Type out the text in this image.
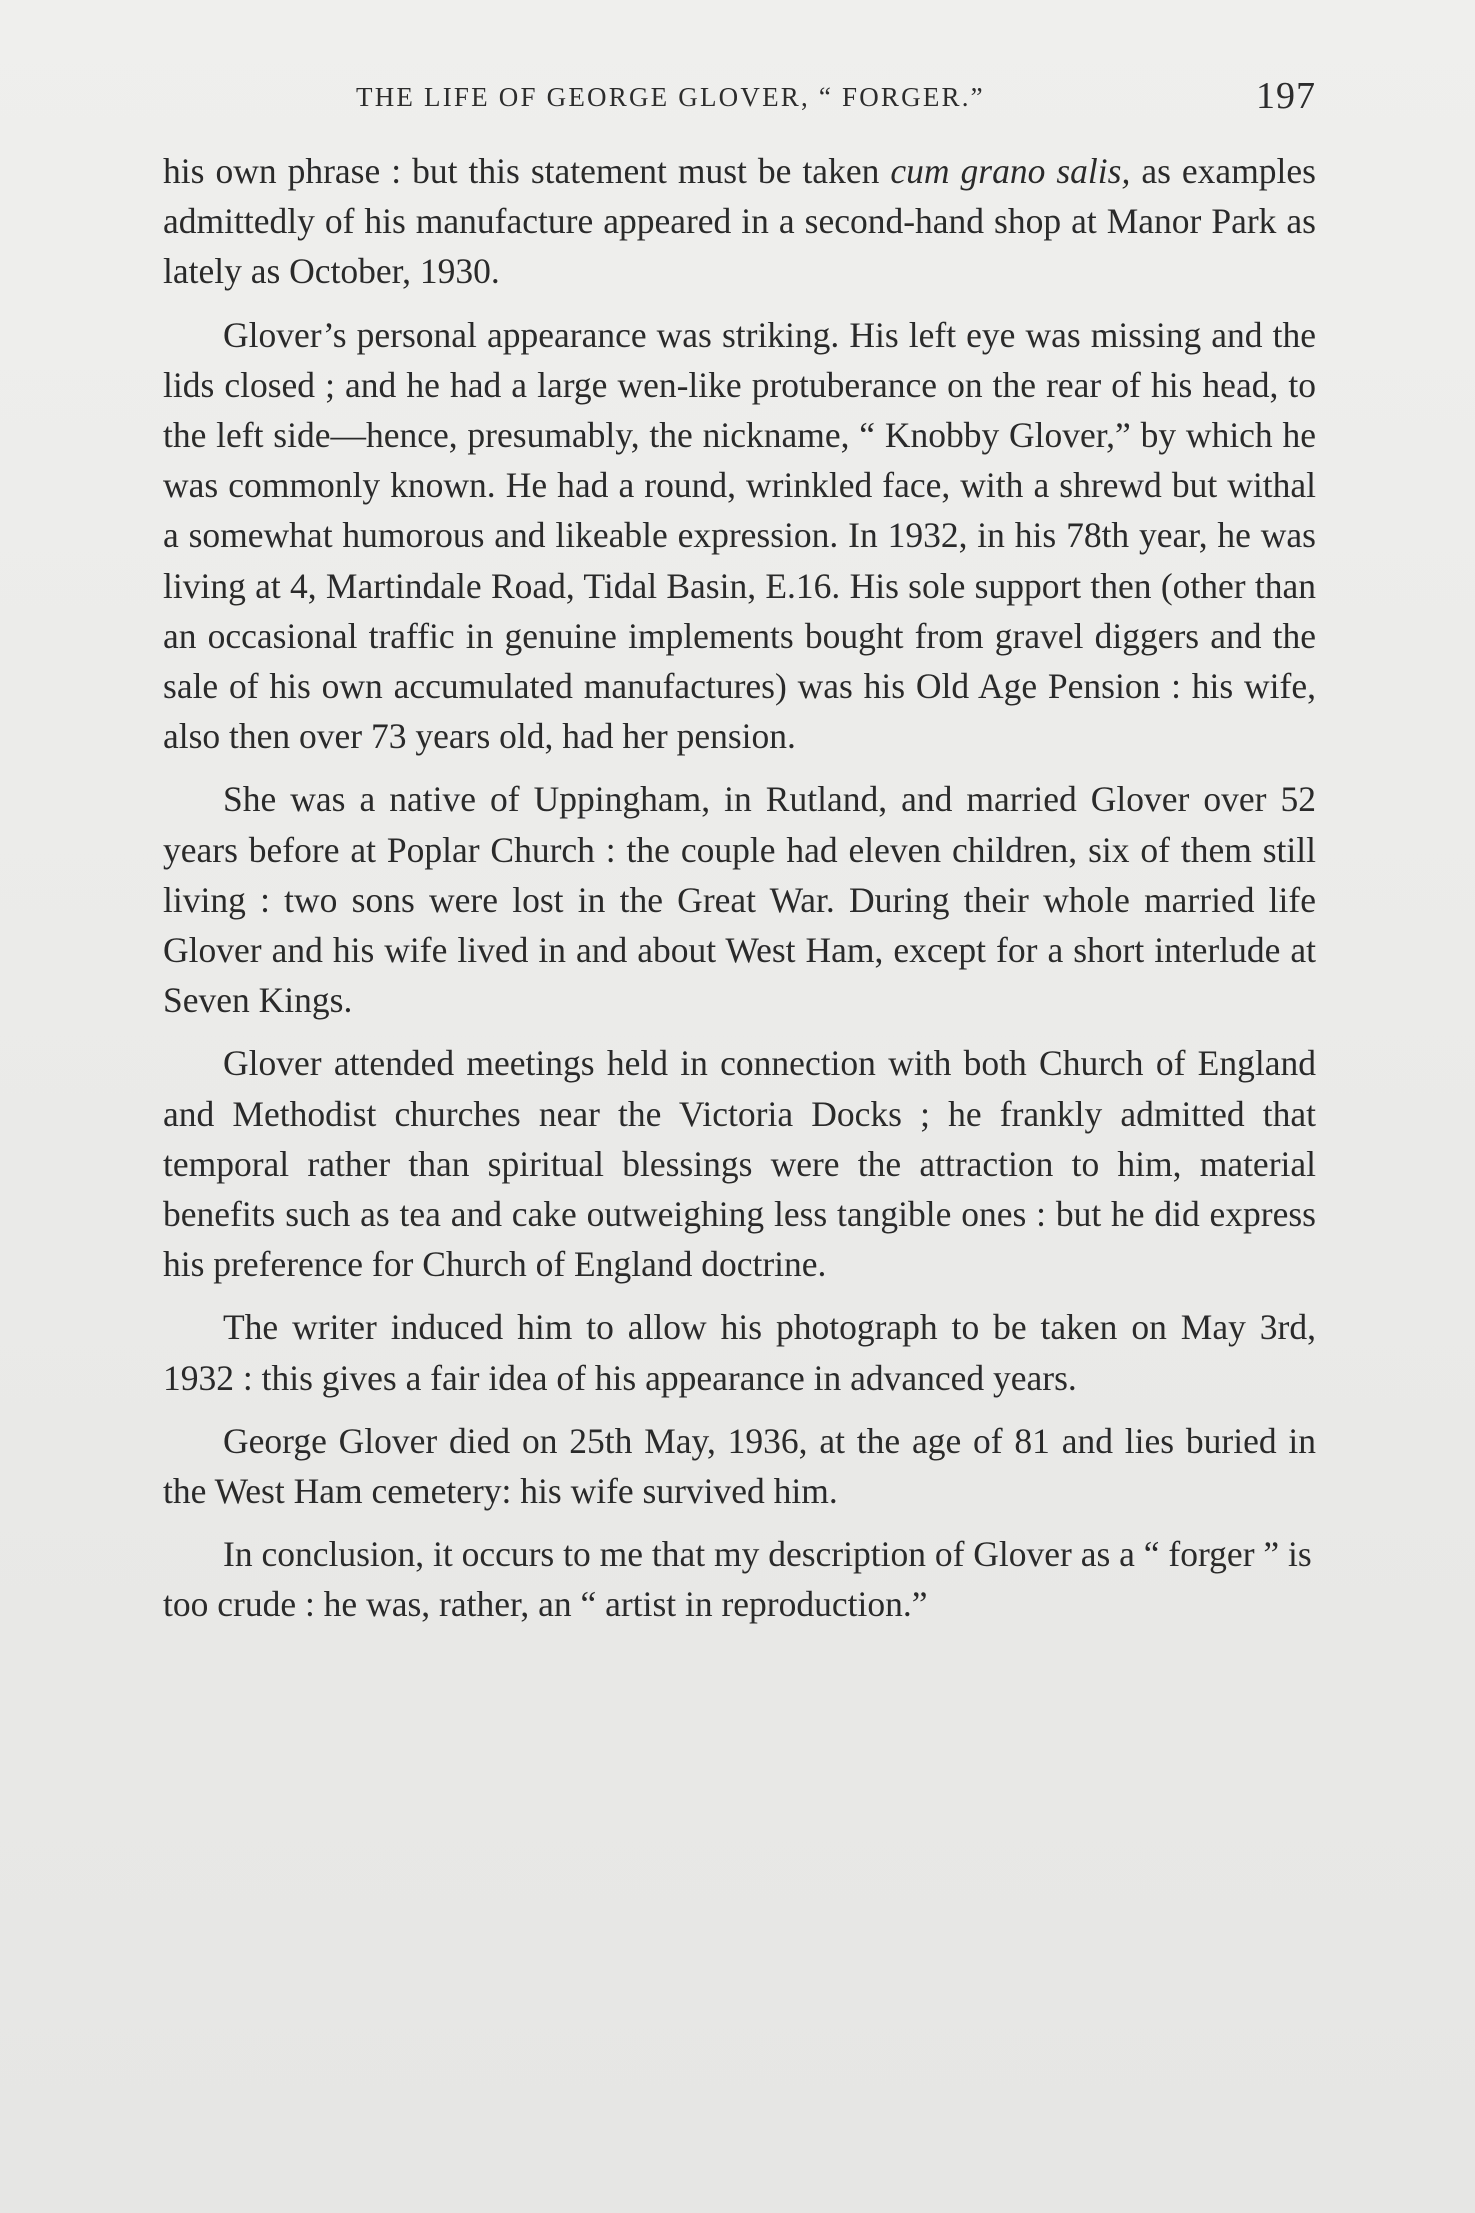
THE LIFE OF GEORGE GLOVER, “ FORGER.”	197

his own phrase : but this statement must be taken cum grano salis, as examples admittedly of his manufacture appeared in a second-hand shop at Manor Park as lately as October, 1930.

Glover’s personal appearance was striking. His left eye was missing and the lids closed ; and he had a large wen-like protuberance on the rear of his head, to the left side—hence, presumably, the nickname, “ Knobby Glover,” by which he was commonly known. He had a round, wrinkled face, with a shrewd but withal a somewhat humorous and likeable expression. In 1932, in his 78th year, he was living at 4, Martindale Road, Tidal Basin, E.16. His sole support then (other than an occasional traffic in genuine implements bought from gravel diggers and the sale of his own accumulated manufactures) was his Old Age Pension : his wife, also then over 73 years old, had her pension.

She was a native of Uppingham, in Rutland, and married Glover over 52 years before at Poplar Church : the couple had eleven children, six of them still living : two sons were lost in the Great War. During their whole married life Glover and his wife lived in and about West Ham, except for a short interlude at Seven Kings.

Glover attended meetings held in connection with both Church of England and Methodist churches near the Victoria Docks ; he frankly admitted that temporal rather than spiritual blessings were the attraction to him, material benefits such as tea and cake outweighing less tangible ones : but he did express his preference for Church of England doctrine.

The writer induced him to allow his photograph to be taken on May 3rd, 1932 : this gives a fair idea of his appearance in advanced years.

George Glover died on 25th May, 1936, at the age of 81 and lies buried in the West Ham cemetery: his wife survived him.

In conclusion, it occurs to me that my description of Glover as a “ forger ” is too crude : he was, rather, an “ artist in reproduction.”
